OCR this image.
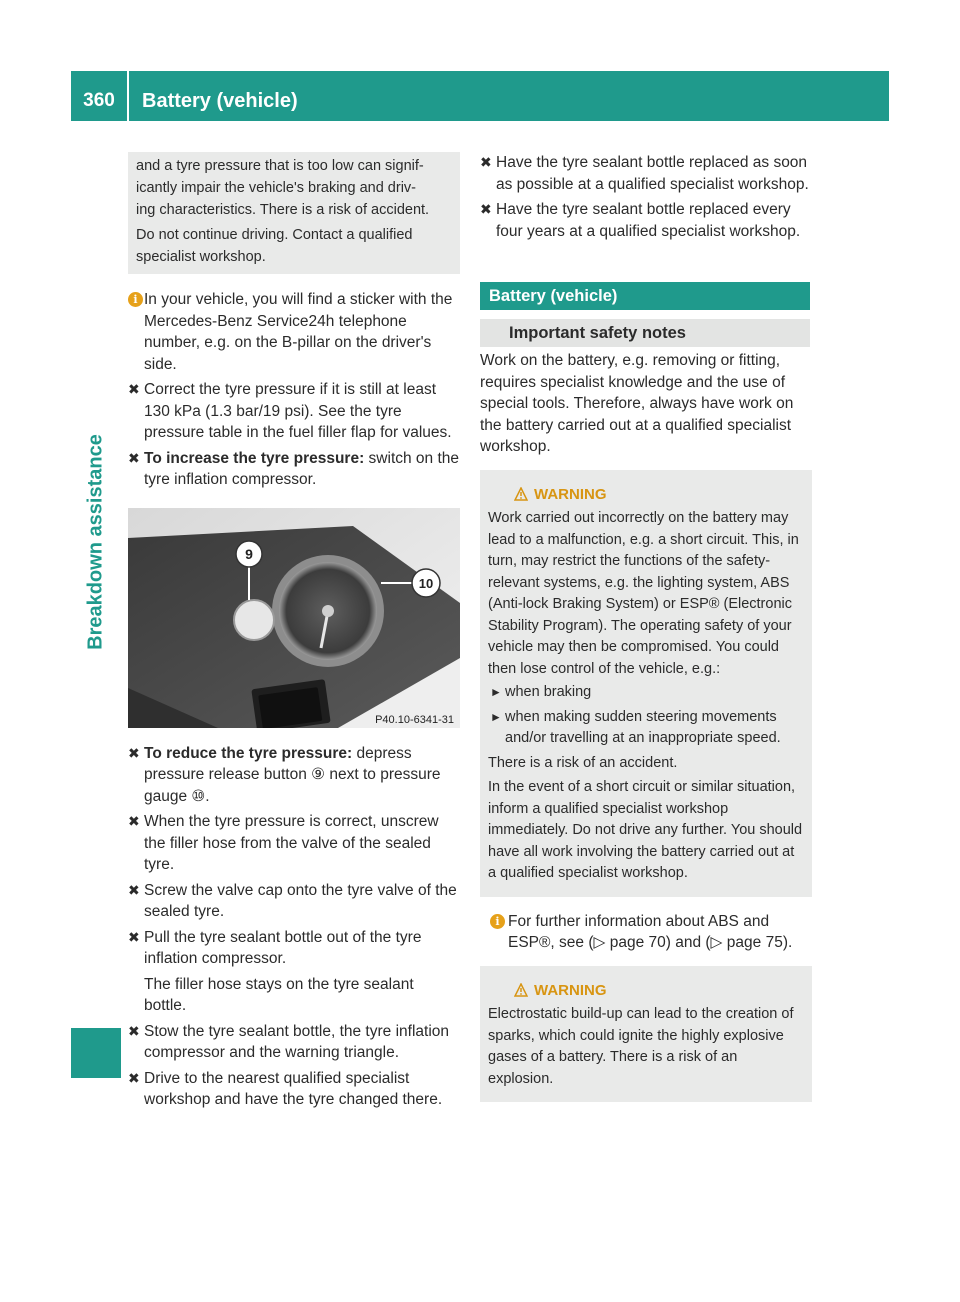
360	Battery (vehicle)
Breakdown assistance
and a tyre pressure that is too low can signif-
icantly impair the vehicle's braking and driv-
ing characteristics. There is a risk of accident.
Do not continue driving. Contact a qualified
specialist workshop.
i In your vehicle, you will find a sticker with the Mercedes-Benz Service24h telephone number, e.g. on the B-pillar on the driver's side.
✖ Correct the tyre pressure if it is still at least 130 kPa (1.3 bar/19 psi). See the tyre pressure table in the fuel filler flap for values.
✖ To increase the tyre pressure: switch on the tyre inflation compressor.
9
10
P40.10-6341-31
✖ To reduce the tyre pressure: depress pressure release button ⑨ next to pressure gauge ⑩.
✖ When the tyre pressure is correct, unscrew the filler hose from the valve of the sealed tyre.
✖ Screw the valve cap onto the tyre valve of the sealed tyre.
✖ Pull the tyre sealant bottle out of the tyre inflation compressor.
The filler hose stays on the tyre sealant bottle.
✖ Stow the tyre sealant bottle, the tyre inflation compressor and the warning triangle.
✖ Drive to the nearest qualified specialist workshop and have the tyre changed there.
✖ Have the tyre sealant bottle replaced as soon as possible at a qualified specialist workshop.
✖ Have the tyre sealant bottle replaced every four years at a qualified specialist workshop.
Battery (vehicle)
Important safety notes
Work on the battery, e.g. removing or fitting, requires specialist knowledge and the use of special tools. Therefore, always have work on the battery carried out at a qualified specialist workshop.
WARNING
Work carried out incorrectly on the battery may lead to a malfunction, e.g. a short circuit. This, in turn, may restrict the functions of the safety-relevant systems, e.g. the lighting system, ABS (Anti-lock Braking System) or ESP® (Electronic Stability Program). The operating safety of your vehicle may then be compromised. You could then lose control of the vehicle, e.g.:
► when braking
► when making sudden steering movements and/or travelling at an inappropriate speed.
There is a risk of an accident.
In the event of a short circuit or similar situation, inform a qualified specialist workshop immediately. Do not drive any further. You should have all work involving the battery carried out at a qualified specialist workshop.
i For further information about ABS and ESP®, see (▷ page 70) and (▷ page 75).
WARNING
Electrostatic build-up can lead to the creation of sparks, which could ignite the highly explosive gases of a battery. There is a risk of an explosion.
